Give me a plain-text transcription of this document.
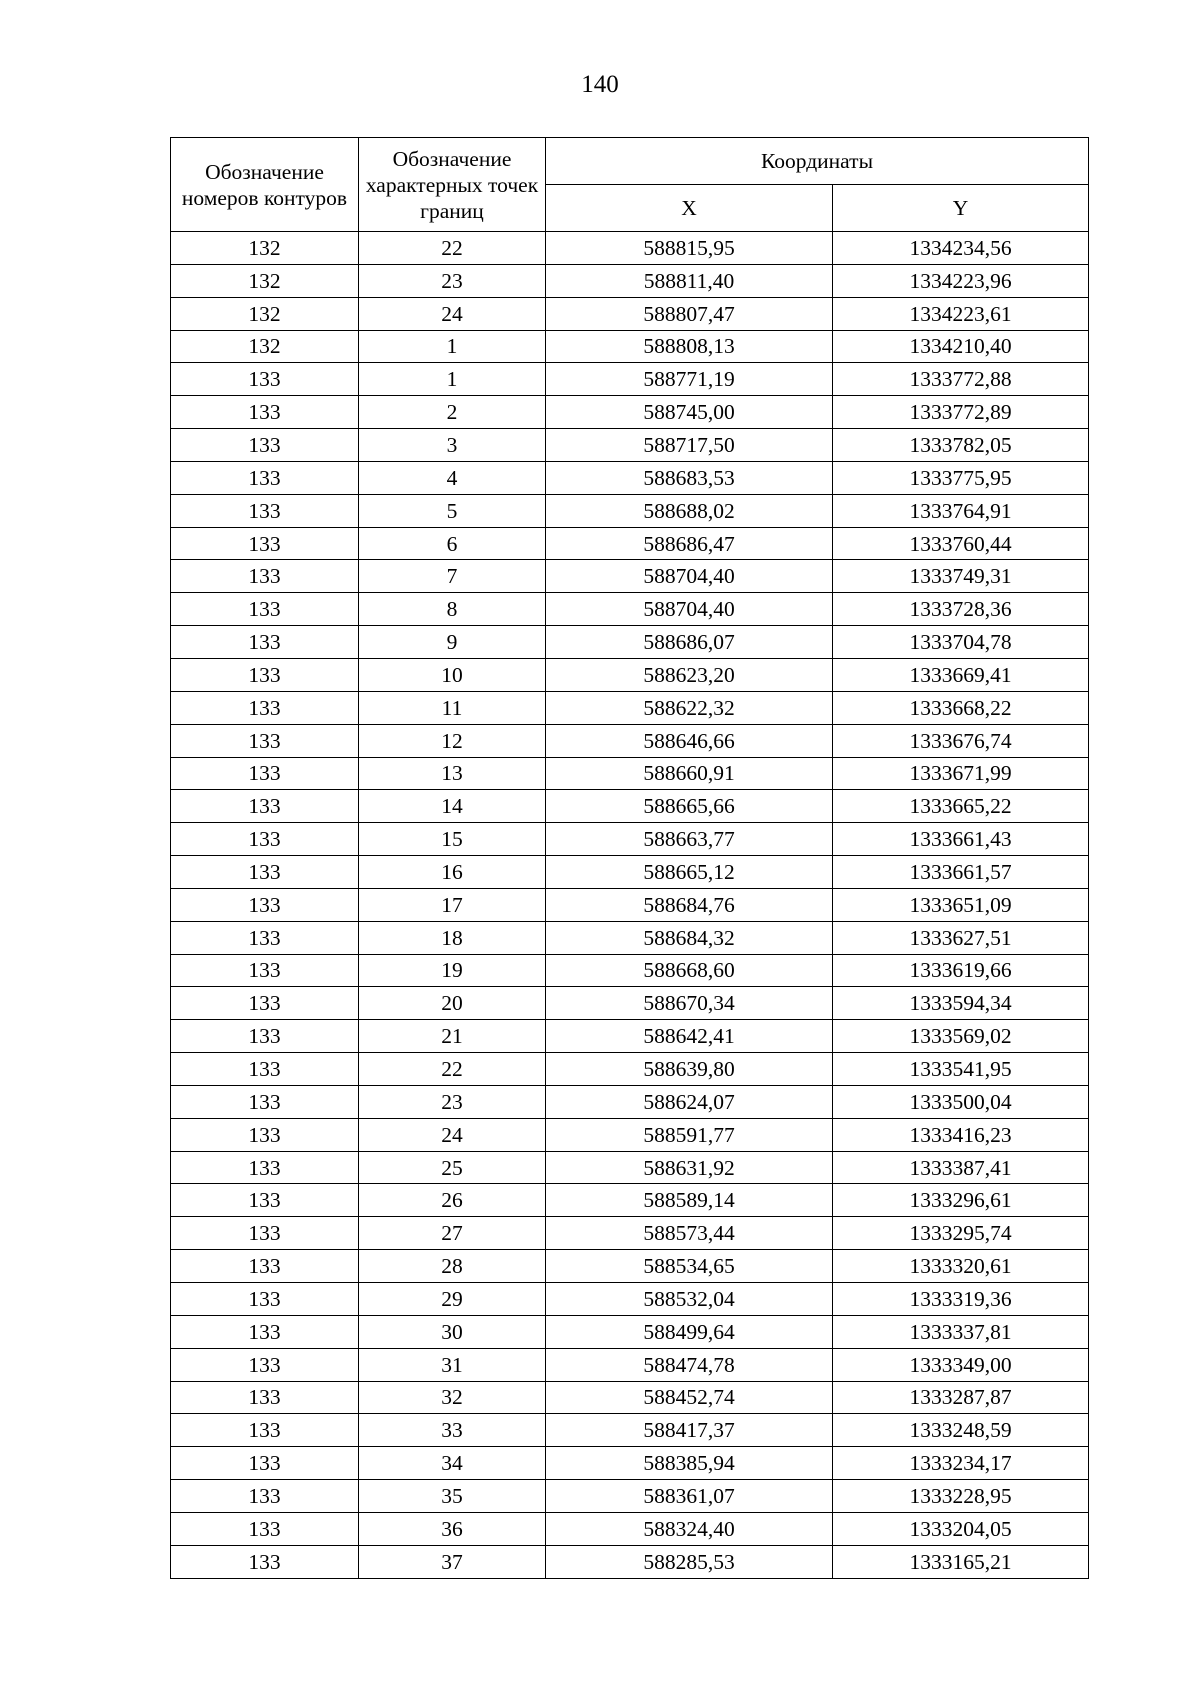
140
Обозначение номеров контуров	Обозначение характерных точек границ	Координаты	
		X	Y
132	22	588815,95	1334234,56
132	23	588811,40	1334223,96
132	24	588807,47	1334223,61
132	1	588808,13	1334210,40
133	1	588771,19	1333772,88
133	2	588745,00	1333772,89
133	3	588717,50	1333782,05
133	4	588683,53	1333775,95
133	5	588688,02	1333764,91
133	6	588686,47	1333760,44
133	7	588704,40	1333749,31
133	8	588704,40	1333728,36
133	9	588686,07	1333704,78
133	10	588623,20	1333669,41
133	11	588622,32	1333668,22
133	12	588646,66	1333676,74
133	13	588660,91	1333671,99
133	14	588665,66	1333665,22
133	15	588663,77	1333661,43
133	16	588665,12	1333661,57
133	17	588684,76	1333651,09
133	18	588684,32	1333627,51
133	19	588668,60	1333619,66
133	20	588670,34	1333594,34
133	21	588642,41	1333569,02
133	22	588639,80	1333541,95
133	23	588624,07	1333500,04
133	24	588591,77	1333416,23
133	25	588631,92	1333387,41
133	26	588589,14	1333296,61
133	27	588573,44	1333295,74
133	28	588534,65	1333320,61
133	29	588532,04	1333319,36
133	30	588499,64	1333337,81
133	31	588474,78	1333349,00
133	32	588452,74	1333287,87
133	33	588417,37	1333248,59
133	34	588385,94	1333234,17
133	35	588361,07	1333228,95
133	36	588324,40	1333204,05
133	37	588285,53	1333165,21
